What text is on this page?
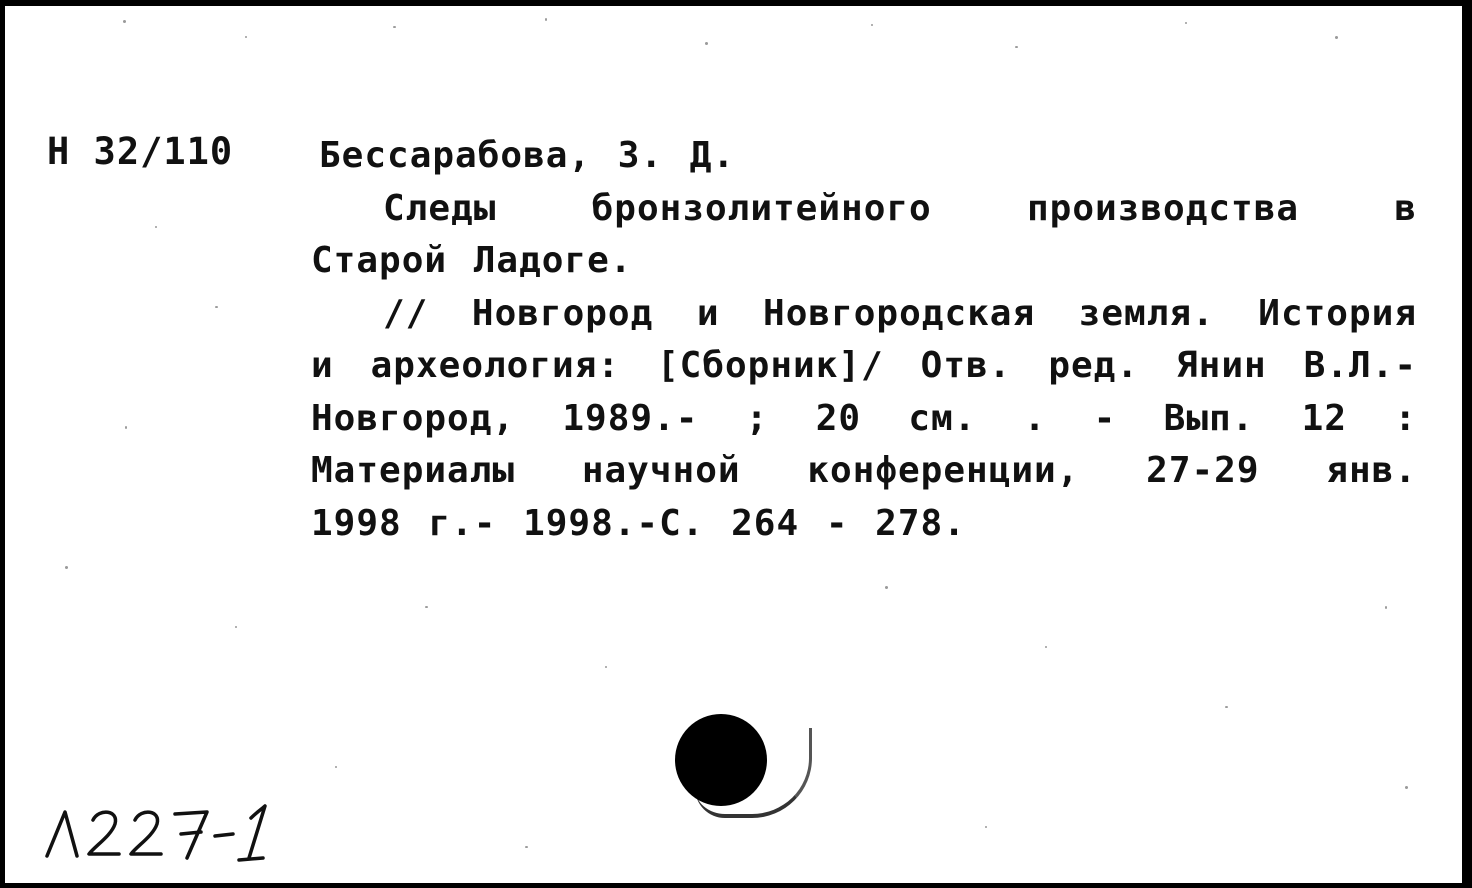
Н 32/110 Бессарабова, З. Д.
Следы бронзолитейного производства в
Старой Ладоге.
// Новгород и Новгородская земля. История
и археология: [Сборник]/ Отв. ред. Янин В.Л.-
Новгород, 1989.- ; 20 см. . - Вып. 12 :
Материалы научной конференции, 27-29 янв.
1998 г.- 1998.-С. 264 - 278.
